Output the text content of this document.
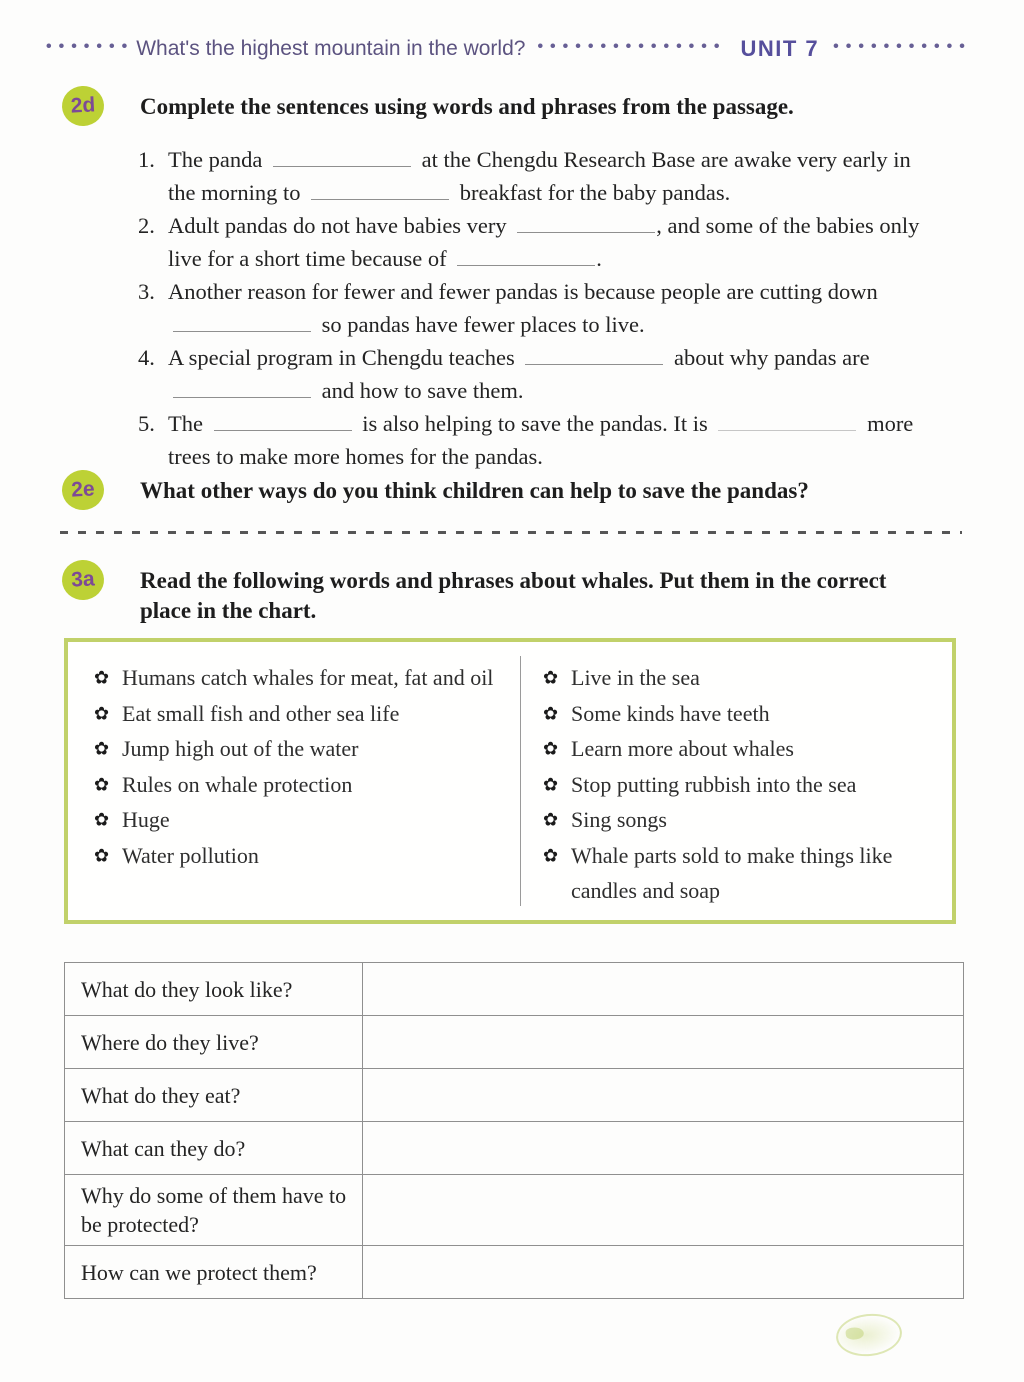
••••••• What's the highest mountain in the world? ••••••••••••••• UNIT 7 •••••••••••
2d	Complete the sentences using words and phrases from the passage.

1. The panda	at the Chengdu Research Base are awake very early in the morning to	breakfast for the baby pandas.
2. Adult pandas do not have babies very	, and some of the babies only live for a short time because of	.
3. Another reason for fewer and fewer pandas is because people are cutting down  so pandas have fewer places to live.
4. A special program in Chengdu teaches	about why pandas are  and how to save them.
5. The	is also helping to save the pandas. It is	more trees to make more homes for the pandas.
2e	What other ways do you think children can help to save the pandas?

3a	Read the following words and phrases about whales. Put them in the correct place in the chart.

✿ Humans catch whales for meat, fat and oil
✿ Eat small fish and other sea life
✿ Jump high out of the water
✿ Rules on whale protection
✿ Huge
✿ Water pollution
✿ Live in the sea
✿ Some kinds have teeth
✿ Learn more about whales
✿ Stop putting rubbish into the sea
✿ Sing songs
✿ Whale parts sold to make things like candles and soap
What do they look like?	
Where do they live?	
What do they eat?	
What can they do?	
Why do some of them have to be protected?	
How can we protect them?	
